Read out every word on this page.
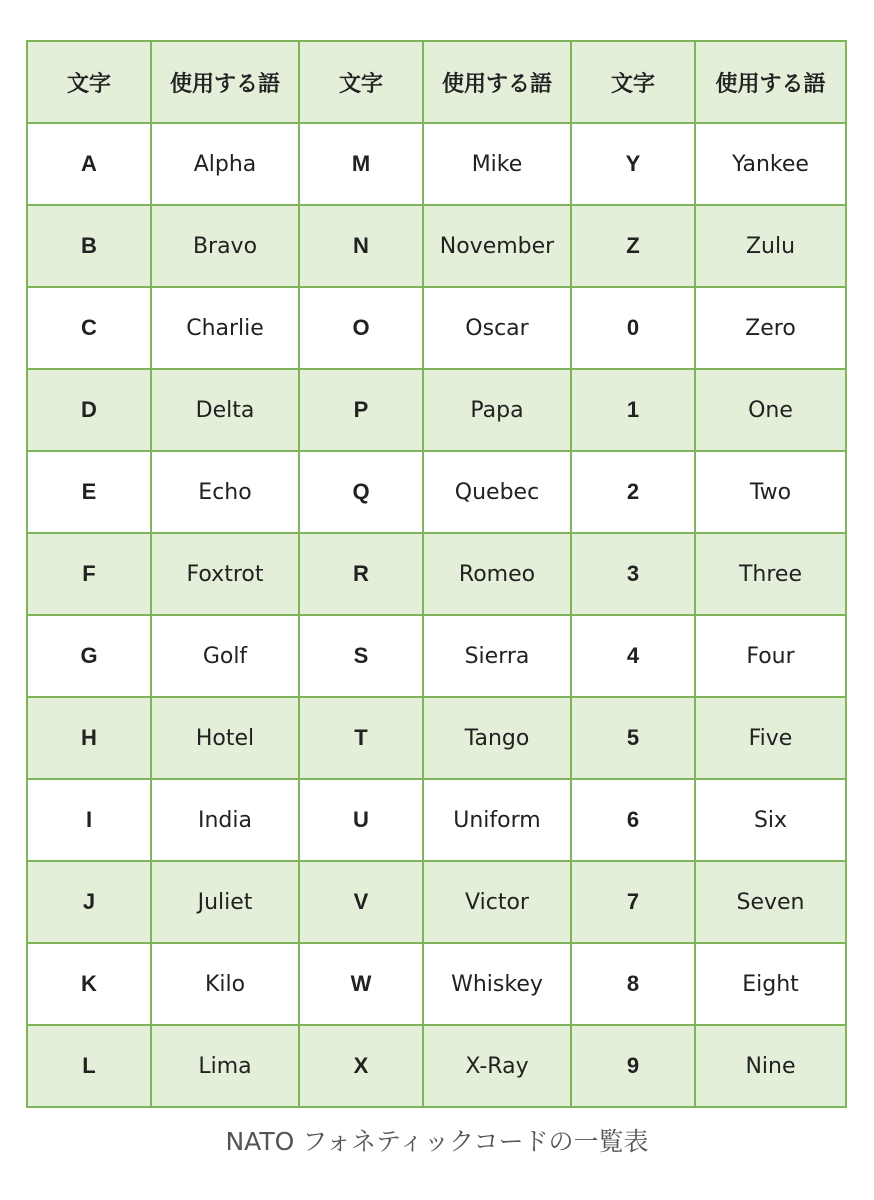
文字	使用する語	文字	使用する語	文字	使用する語
A	Alpha	M	Mike	Y	Yankee
B	Bravo	N	November	Z	Zulu
C	Charlie	O	Oscar	0	Zero
D	Delta	P	Papa	1	One
E	Echo	Q	Quebec	2	Two
F	Foxtrot	R	Romeo	3	Three
G	Golf	S	Sierra	4	Four
H	Hotel	T	Tango	5	Five
I	India	U	Uniform	6	Six
J	Juliet	V	Victor	7	Seven
K	Kilo	W	Whiskey	8	Eight
L	Lima	X	X-Ray	9	Nine
NATO フォネティックコードの一覧表
